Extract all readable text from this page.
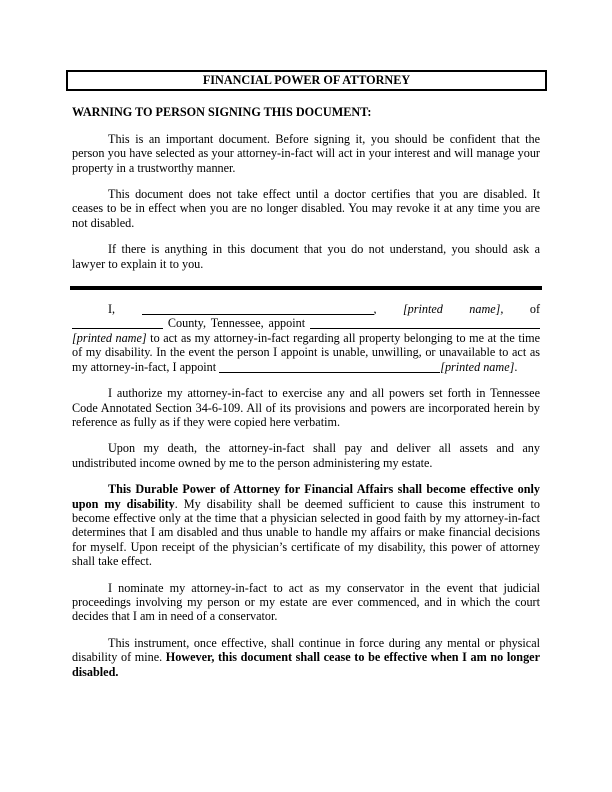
FINANCIAL POWER OF ATTORNEY
WARNING TO PERSON SIGNING THIS DOCUMENT:

This is an important document. Before signing it, you should be confident that the person you have selected as your attorney-in-fact will act in your interest and will manage your property in a trustworthy manner.

This document does not take effect until a doctor certifies that you are disabled. It ceases to be in effect when you are no longer disabled. You may revoke it at any time you are not disabled.

If there is anything in this document that you do not understand, you should ask a lawyer to explain it to you.

I,	, [printed name], of  County, Tennessee, appoint  [printed name] to act as my attorney-in-fact regarding all property belonging to me at the time of my disability. In the event the person I appoint is unable, unwilling, or unavailable to act as my attorney-in-fact, I appoint	[printed name].

I authorize my attorney-in-fact to exercise any and all powers set forth in Tennessee Code Annotated Section 34-6-109. All of its provisions and powers are incorporated herein by reference as fully as if they were copied here verbatim.

Upon my death, the attorney-in-fact shall pay and deliver all assets and any undistributed income owned by me to the person administering my estate.

This Durable Power of Attorney for Financial Affairs shall become effective only upon my disability. My disability shall be deemed sufficient to cause this instrument to become effective only at the time that a physician selected in good faith by my attorney-in-fact determines that I am disabled and thus unable to handle my affairs or make financial decisions for myself. Upon receipt of the physician’s certificate of my disability, this power of attorney shall take effect.

I nominate my attorney-in-fact to act as my conservator in the event that judicial proceedings involving my person or my estate are ever commenced, and in which the court decides that I am in need of a conservator.

This instrument, once effective, shall continue in force during any mental or physical disability of mine. However, this document shall cease to be effective when I am no longer disabled.
